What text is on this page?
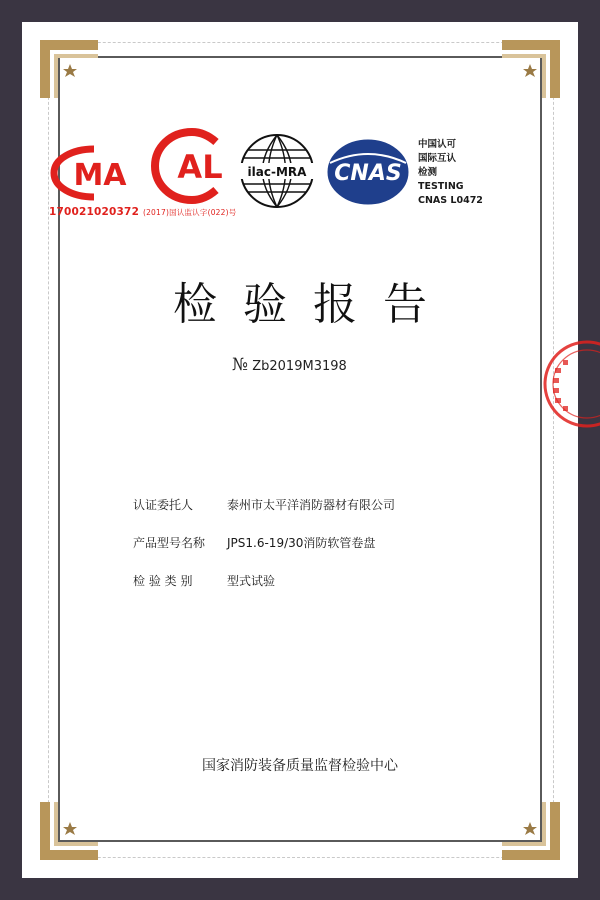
MA AL
170021020372 (2017)国认监认字(022)号
ilac-MRA CNAS
中国认可
国际互认
检测
TESTING
CNAS L0472
检验报告
№ Zb2019M3198
认证委托人	泰州市太平洋消防器材有限公司
产品型号名称 JPS1.6-19/30消防软管卷盘
检 验 类 别	型式试验
国家消防装备质量监督检验中心
